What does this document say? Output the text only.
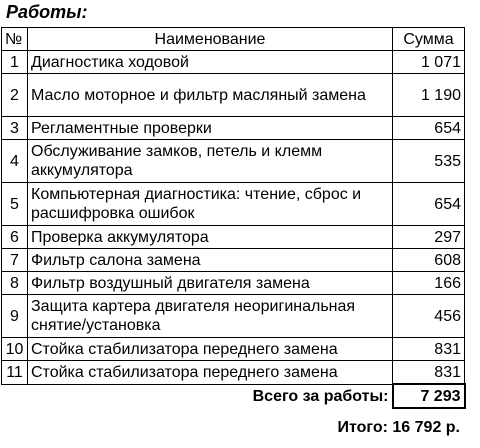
Работы:
№	Наименование	Сумма
1	Диагностика ходовой	1 071
2	Масло моторное и фильтр масляный замена	1 190
3	Регламентные проверки	654
4	Обслуживание замков, петель и клемм аккумулятора	535
5	Компьютерная диагностика: чтение, сброс и расшифровка ошибок	654
6	Проверка аккумулятора	297
7	Фильтр салона замена	608
8	Фильтр воздушный двигателя замена	166
9	Защита картера двигателя неоригинальная снятие/установка	456
10	Стойка стабилизатора переднего замена	831
11	Стойка стабилизатора переднего замена	831
	Всего за работы:	7 293
Итого: 16 792 р.
